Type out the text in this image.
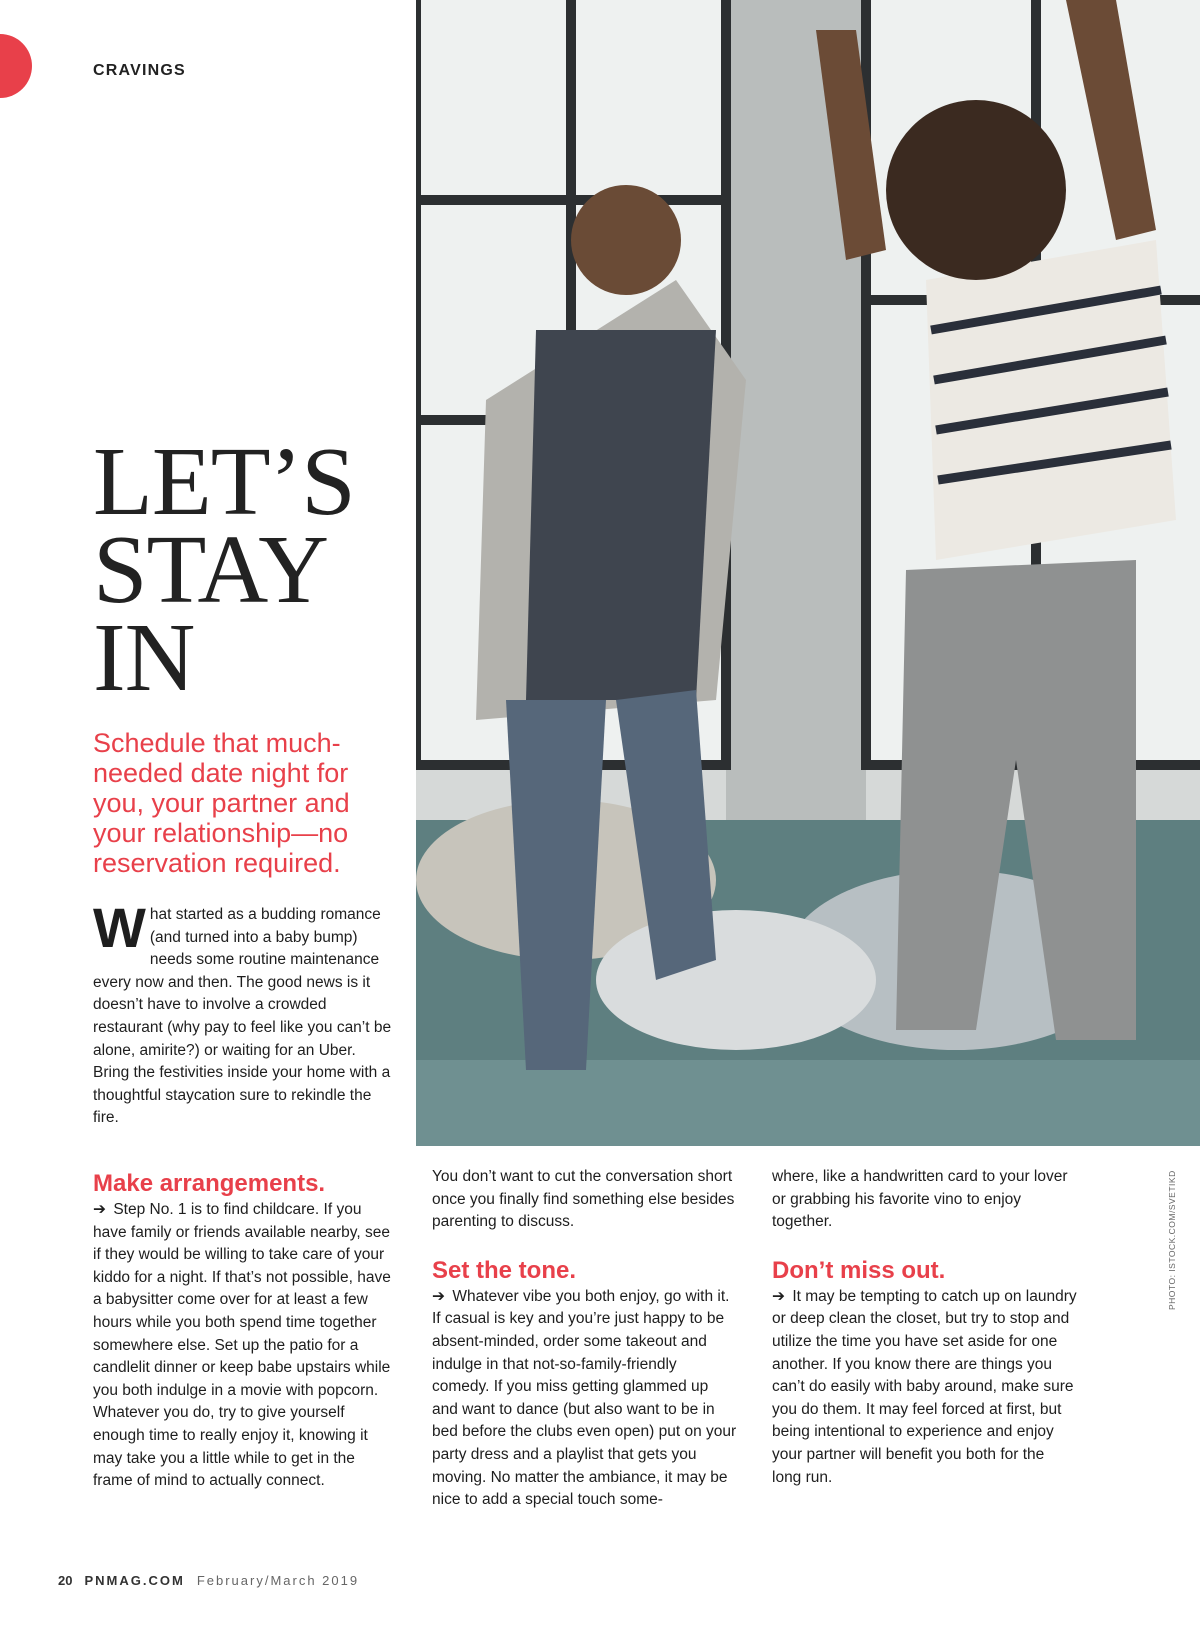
CRAVINGS
LET’S
STAY
IN

Schedule that much-needed date night for you, your partner and your relationship—no reservation required.

What started as a budding romance (and turned into a baby bump) needs some routine maintenance every now and then. The good news is it doesn’t have to involve a crowded restaurant (why pay to feel like you can’t be alone, amirite?) or waiting for an Uber. Bring the festivities inside your home with a thoughtful staycation sure to rekindle the fire.

Make arrangements.

➔ Step No. 1 is to find childcare. If you have family or friends available nearby, see if they would be willing to take care of your kiddo for a night. If that’s not possible, have a babysitter come over for at least a few hours while you both spend time together somewhere else. Set up the patio for a candlelit dinner or keep babe upstairs while you both indulge in a movie with popcorn. Whatever you do, try to give yourself enough time to really enjoy it, knowing it may take you a little while to get in the frame of mind to actually connect.

You don’t want to cut the conversation short once you finally find something else besides parenting to discuss.

Set the tone.

➔ Whatever vibe you both enjoy, go with it. If casual is key and you’re just happy to be absent-minded, order some takeout and indulge in that not-so-family-friendly comedy. If you miss getting glammed up and want to dance (but also want to be in bed before the clubs even open) put on your party dress and a playlist that gets you moving. No matter the ambiance, it may be nice to add a special touch some-

where, like a handwritten card to your lover or grabbing his favorite vino to enjoy together.

Don’t miss out.

➔ It may be tempting to catch up on laundry or deep clean the closet, but try to stop and utilize the time you have set aside for one another. If you know there are things you can’t do easily with baby around, make sure you do them. It may feel forced at first, but being intentional to experience and enjoy your partner will benefit you both for the long run.

PHOTO: ISTOCK.COM/SVETIKD
20 PNMAG.COM February/March 2019
